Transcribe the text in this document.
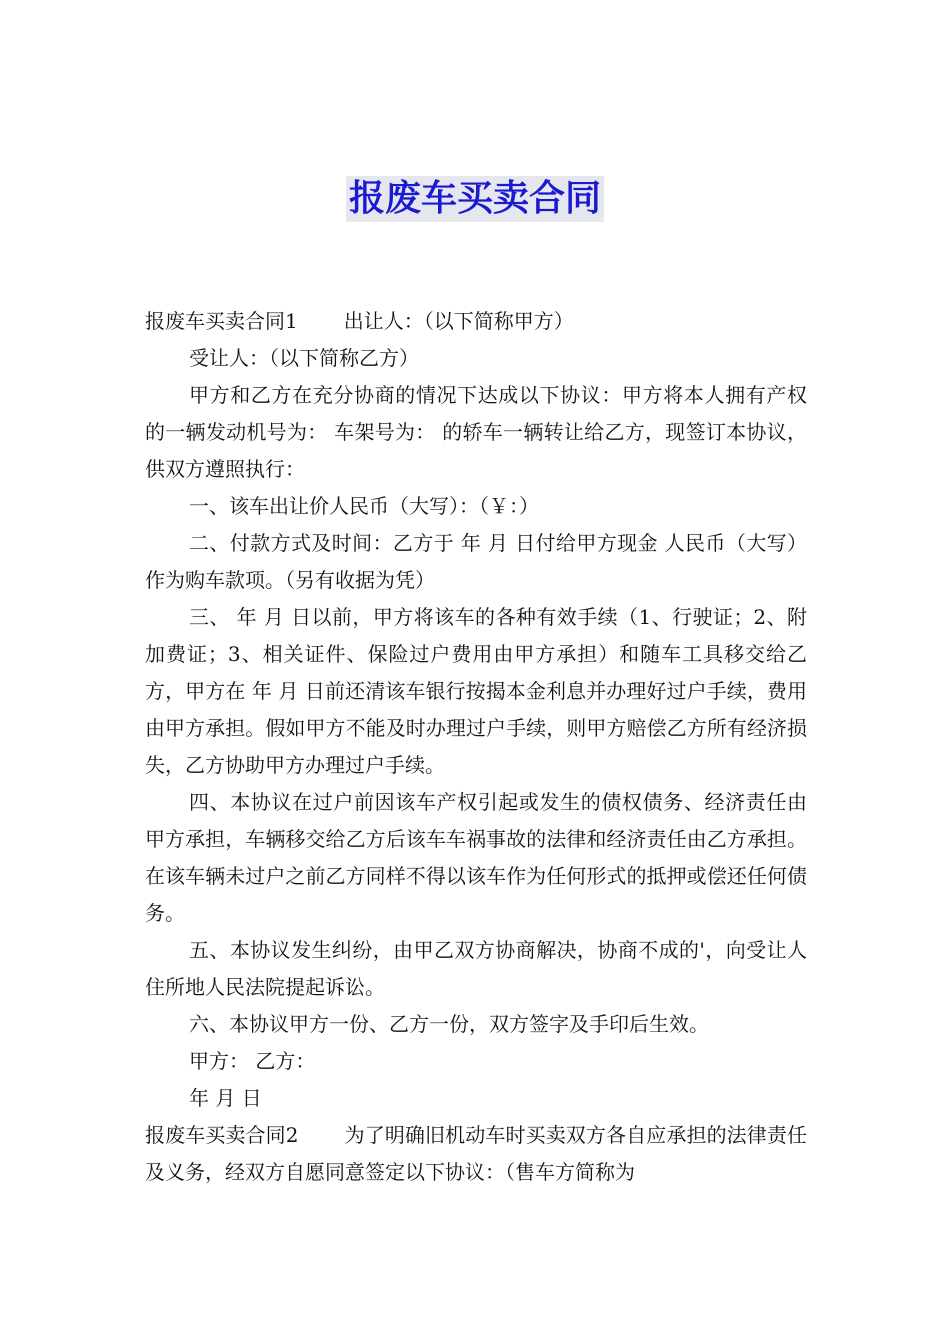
报废车买卖合同

报废车买卖合同1 出让人：（以下简称甲方）

受让人：（以下简称乙方）

甲方和乙方在充分协商的情况下达成以下协议：甲方将本人拥有产权的一辆发动机号为： 车架号为： 的轿车一辆转让给乙方，现签订本协议，供双方遵照执行：

一、该车出让价人民币（大写）：（￥：）

二、付款方式及时间：乙方于 年 月 日付给甲方现金 人民币（大写） 作为购车款项。（另有收据为凭）

三、 年 月 日以前，甲方将该车的各种有效手续（1、行驶证；2、附加费证；3、相关证件、保险过户费用由甲方承担）和随车工具移交给乙方，甲方在 年 月 日前还清该车银行按揭本金利息并办理好过户手续，费用由甲方承担。假如甲方不能及时办理过户手续，则甲方赔偿乙方所有经济损失，乙方协助甲方办理过户手续。

四、本协议在过户前因该车产权引起或发生的债权债务、经济责任由甲方承担，车辆移交给乙方后该车车祸事故的法律和经济责任由乙方承担。在该车辆未过户之前乙方同样不得以该车作为任何形式的抵押或偿还任何债务。

五、本协议发生纠纷，由甲乙双方协商解决，协商不成的'，向受让人住所地人民法院提起诉讼。

六、本协议甲方一份、乙方一份，双方签字及手印后生效。

甲方： 乙方：

年 月 日

报废车买卖合同2 为了明确旧机动车时买卖双方各自应承担的法律责任及义务，经双方自愿同意签定以下协议：（售车方简称为
